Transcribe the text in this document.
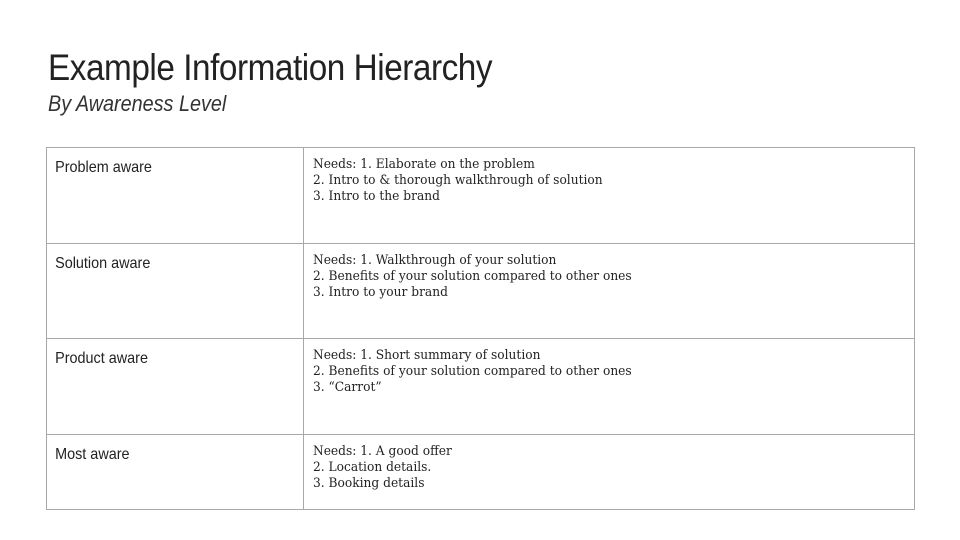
Example Information Hierarchy
By Awareness Level
Problem aware	Needs: 1. Elaborate on the problem
2. Intro to & thorough walkthrough of solution
3. Intro to the brand

Solution aware	Needs: 1. Walkthrough of your solution
2. Benefits of your solution compared to other ones
3. Intro to your brand

Product aware	Needs: 1. Short summary of solution
2. Benefits of your solution compared to other ones
3. “Carrot”

Most aware	Needs: 1. A good offer
2. Location details.
3. Booking details
